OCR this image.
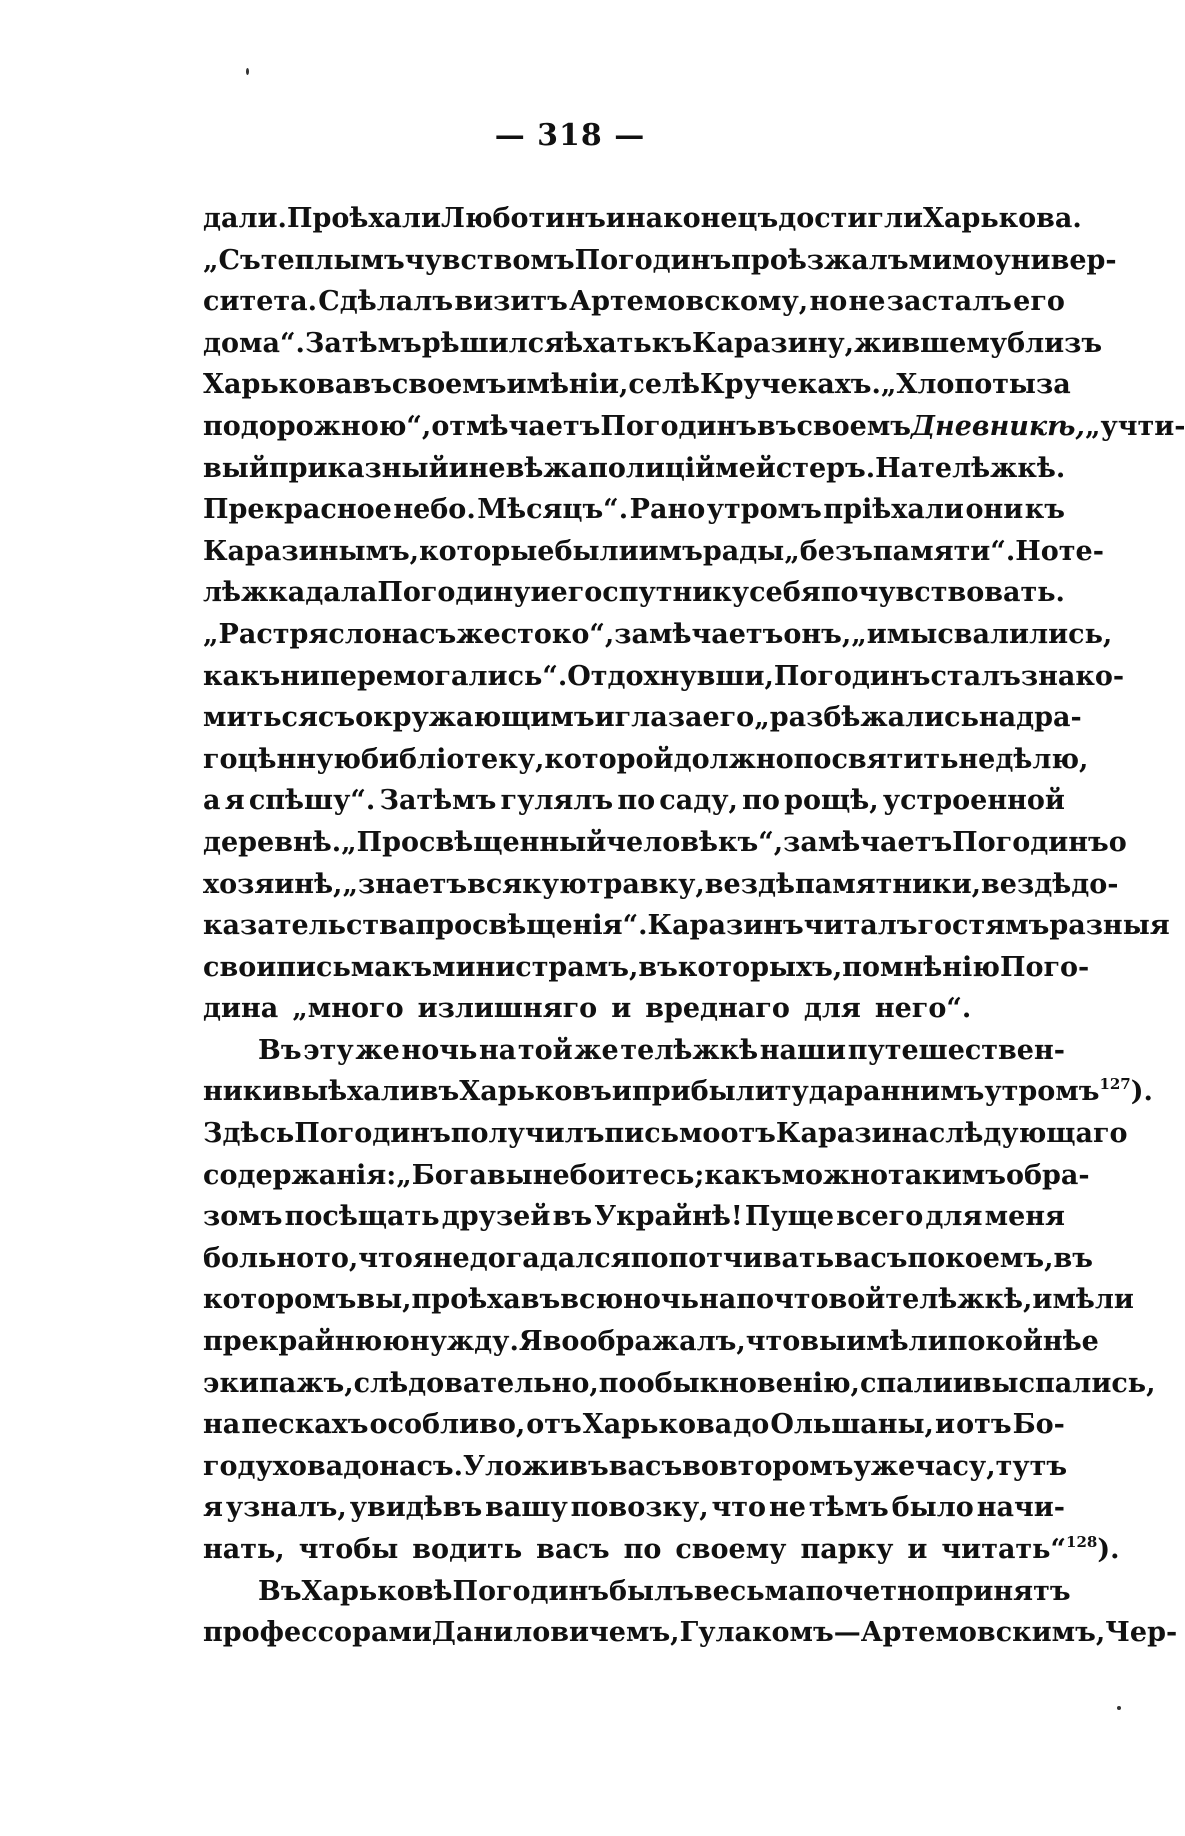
— 318 —
дали. Проѣхали Люботинъ и наконецъ достигли Харькова.
„Съ теплымъ чувствомъ Погодинъ проѣзжалъ мимо универ-
ситета. Сдѣлалъ визитъ Артемовскому, но не засталъ его
дома“. Затѣмъ рѣшился ѣхать къ Каразину, жившему близъ
Харькова въ своемъ имѣніи, селѣ Кручекахъ. „Хлопоты за
подорожною“, отмѣчаетъ Погодинъ въ своемъ Дневникѣ, „учти-
вый приказный и невѣжа полиціймейстеръ. На телѣжкѣ.
Прекрасное небо. Мѣсяцъ“. Рано утромъ пріѣхали они къ
Каразинымъ, которые были имъ рады „безъ памяти“. Но те-
лѣжка дала Погодину и его спутнику себя почувствовать.
„Растрясло насъ жестоко“, замѣчаетъ онъ, „и мы свалились,
какъ ни перемогались“. Отдохнувши, Погодинъ сталъ знако-
миться съ окружающимъ и глаза его „разбѣжались на дра-
гоцѣнную библіотеку, которой должно посвятить недѣлю,
а я спѣшу“. Затѣмъ гулялъ по саду, по рощѣ, устроенной
деревнѣ. „Просвѣщенный человѣкъ“, замѣчаетъ Погодинъ о
хозяинѣ, „знаетъ всякую травку, вездѣ памятники, вездѣ до-
казательства просвѣщенія“. Каразинъ читалъ гостямъ разныя
свои письма къ министрамъ, въ которыхъ, по мнѣнію Пого-
дина „много излишняго и вреднаго для него“.
Въ эту же ночь на той же телѣжкѣ наши путешествен-
ники выѣхали въ Харьковъ и прибыли туда раннимъ утромъ127).
Здѣсь Погодинъ получилъ письмо отъ Каразина слѣдующаго
содержанія: „Бога вы не боитесь; какъ можно такимъ обра-
зомъ посѣщать друзей въ Украйнѣ! Пуще всего для меня
больно то, что я не догадался попотчивать васъ покоемъ, въ
которомъ вы, проѣхавъ всю ночь на почтовой телѣжкѣ, имѣли
прекрайнюю нужду. Я воображалъ, что вы имѣли покойнѣе
экипажъ, слѣдовательно, по обыкновенію, спали и выспались,
на пескахъ особливо, отъ Харькова до Ольшаны, и отъ Бо-
годухова до насъ. Уложивъ васъ во второмъ уже часу, тутъ
я узналъ, увидѣвъ вашу повозку, что не тѣмъ было начи-
нать, чтобы водить васъ по своему парку и читать“128).
Въ Харьковѣ Погодинъ былъ весьма почетно принятъ
профессорами Даниловичемъ, Гулакомъ—Артемовскимъ, Чер-
